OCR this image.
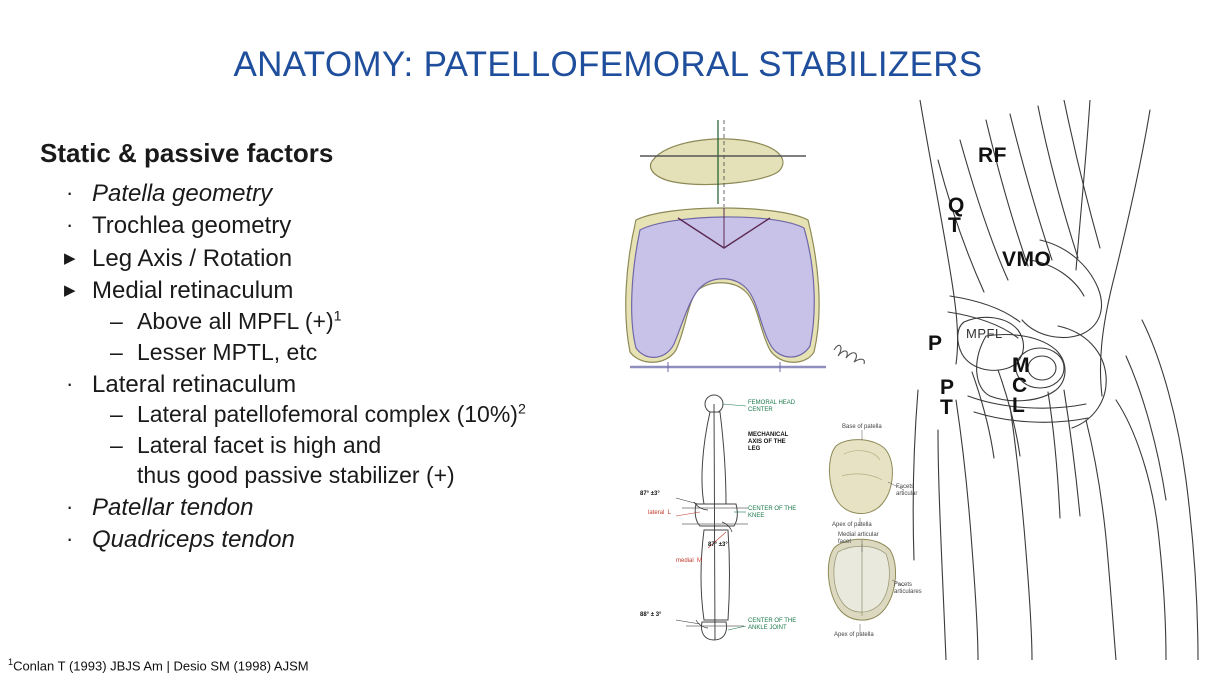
ANATOMY: PATELLOFEMORAL STABILIZERS
Static & passive factors
· Patella geometry
· Trochlea geometry
▶ Leg Axis / Rotation
▶ Medial retinaculum
– Above all MPFL $(+)^1$
– Lesser MPTL, etc
· Lateral retinaculum
– Lateral patellofemoral complex $(10\%)^2$
– Lateral facet is high and
thus good passive stabilizer (+)
· Patellar tendon
· Quadriceps tendon
FEMORAL HEAD
CENTER
MECHANICAL
AXIS OF THE
LEG
CENTER OF THE
KNEE
CENTER OF THE
ANKLE JOINT
87° ±3°
87° ±3°
88° ± 3°
lateral  L
medial  M
Base of patella
Facets
articular
Apex of patella
Medial articular
facet
Facets
articulares
Apex of patella
RF
QT
VMO
MPFL
P
PT
MCL
$^1$Conlan T (1993) JBJS Am | Desio SM (1998) AJSM
